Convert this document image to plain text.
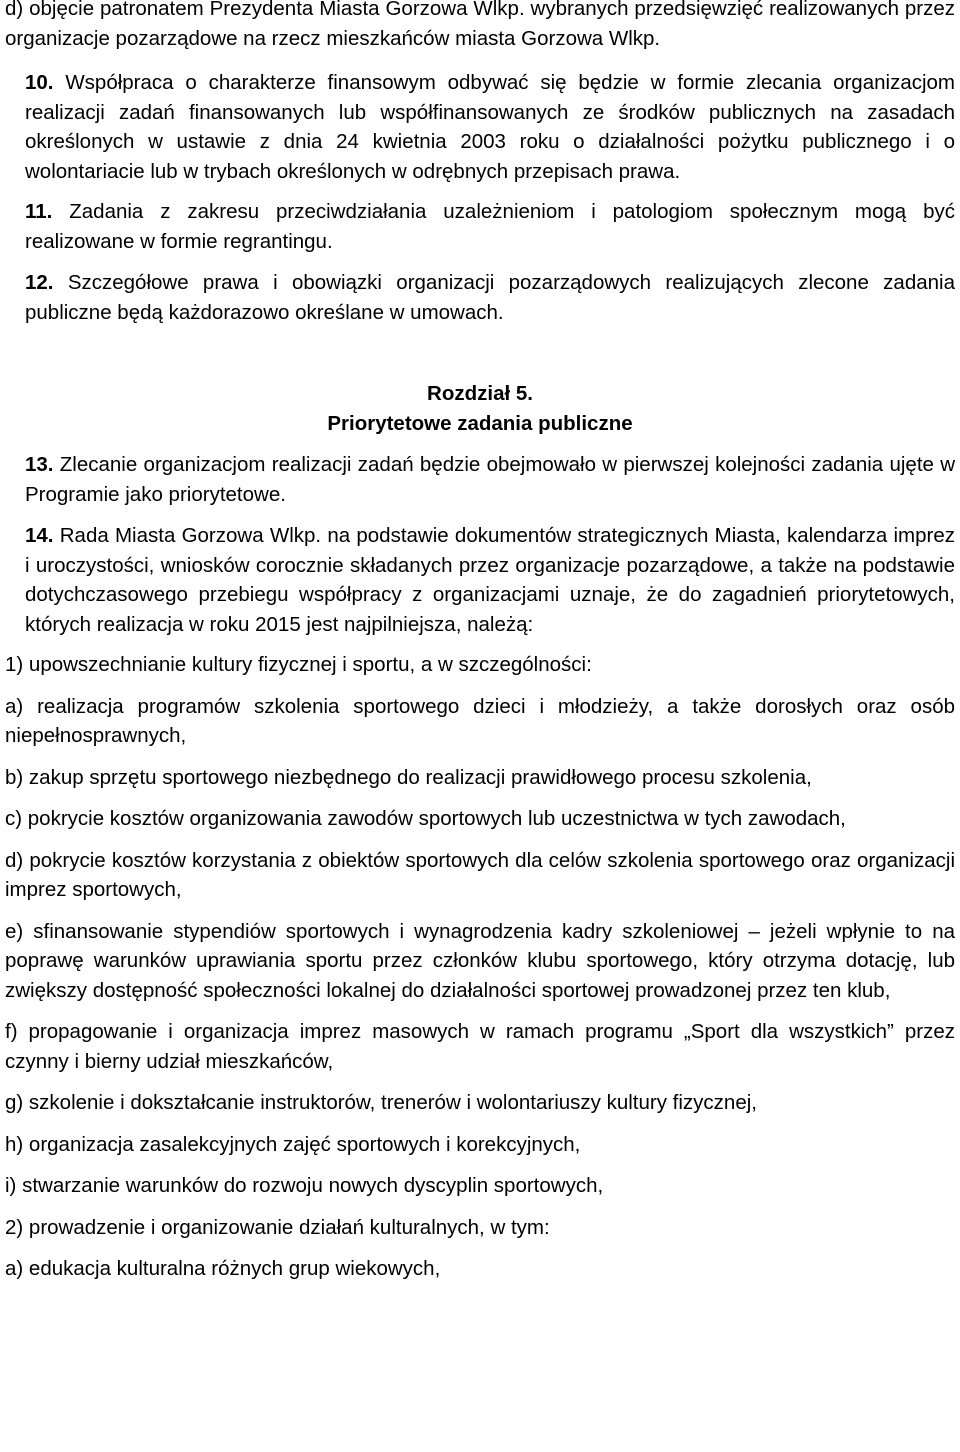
d) objęcie patronatem Prezydenta Miasta Gorzowa Wlkp. wybranych przedsięwzięć realizowanych przez organizacje pozarządowe na rzecz mieszkańców miasta Gorzowa Wlkp.

10. Współpraca o charakterze finansowym odbywać się będzie w formie zlecania organizacjom realizacji zadań finansowanych lub współfinansowanych ze środków publicznych na zasadach określonych w ustawie z dnia 24 kwietnia 2003 roku o działalności pożytku publicznego i o wolontariacie lub w trybach określonych w odrębnych przepisach prawa.

11. Zadania z zakresu przeciwdziałania uzależnieniom i patologiom społecznym mogą być realizowane w formie regrantingu.

12. Szczegółowe prawa i obowiązki organizacji pozarządowych realizujących zlecone zadania publiczne będą każdorazowo określane w umowach.

Rozdział 5.
Priorytetowe zadania publiczne

13. Zlecanie organizacjom realizacji zadań będzie obejmowało w pierwszej kolejności zadania ujęte w Programie jako priorytetowe.

14. Rada Miasta Gorzowa Wlkp. na podstawie dokumentów strategicznych Miasta, kalendarza imprez i uroczystości, wniosków corocznie składanych przez organizacje pozarządowe, a także na podstawie dotychczasowego przebiegu współpracy z organizacjami uznaje, że do zagadnień priorytetowych, których realizacja w roku 2015 jest najpilniejsza, należą:

1) upowszechnianie kultury fizycznej i sportu, a w szczególności:

a) realizacja programów szkolenia sportowego dzieci i młodzieży, a także dorosłych oraz osób niepełnosprawnych,

b) zakup sprzętu sportowego niezbędnego do realizacji prawidłowego procesu szkolenia,

c) pokrycie kosztów organizowania zawodów sportowych lub uczestnictwa w tych zawodach,

d) pokrycie kosztów korzystania z obiektów sportowych dla celów szkolenia sportowego oraz organizacji imprez sportowych,

e) sfinansowanie stypendiów sportowych i wynagrodzenia kadry szkoleniowej – jeżeli wpłynie to na poprawę warunków uprawiania sportu przez członków klubu sportowego, który otrzyma dotację, lub zwiększy dostępność społeczności lokalnej do działalności sportowej prowadzonej przez ten klub,

f) propagowanie i organizacja imprez masowych w ramach programu „Sport dla wszystkich” przez czynny i bierny udział mieszkańców,

g) szkolenie i dokształcanie instruktorów, trenerów i wolontariuszy kultury fizycznej,

h) organizacja zasalekcyjnych zajęć sportowych i korekcyjnych,

i) stwarzanie warunków do rozwoju nowych dyscyplin sportowych,

2) prowadzenie i organizowanie działań kulturalnych, w tym:

a) edukacja kulturalna różnych grup wiekowych,
